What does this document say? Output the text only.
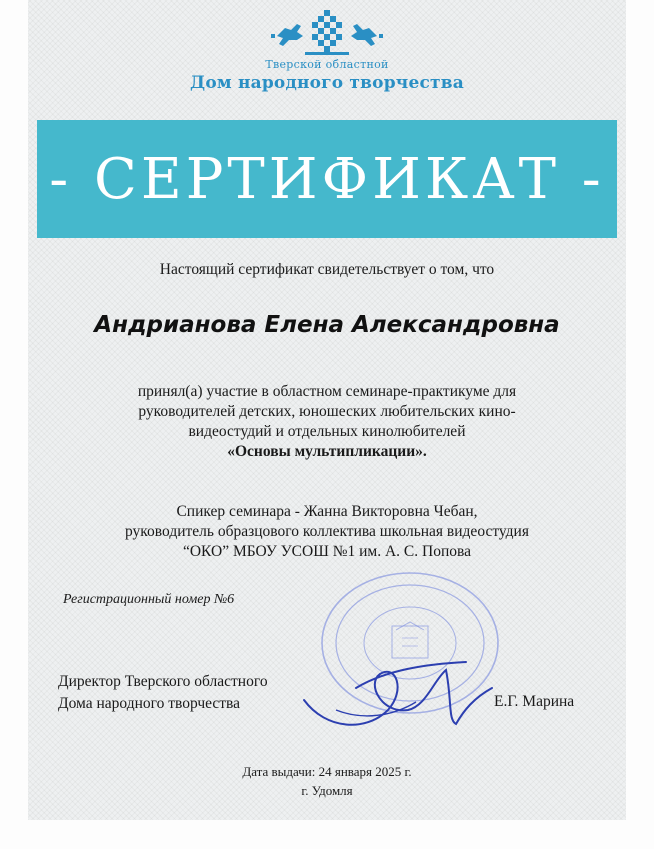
Тверской областной
Дом народного творчества
- СЕРТИФИКАТ -
Настоящий сертификат свидетельствует о том, что
Андрианова Елена Александровна
принял(а) участие в областном семинаре-практикуме для
руководителей детских, юношеских любительских кино-
видеостудий и отдельных кинолюбителей
«Основы мультипликации».
Спикер семинара - Жанна Викторовна Чебан,
руководитель образцового коллектива школьная видеостудия
“ОКО” МБОУ УСОШ №1 им. А. С. Попова
Регистрационный номер №6
Директор Тверского областного
Дома народного творчества	Е.Г. Марина
Дата выдачи: 24 января 2025 г.
г. Удомля
